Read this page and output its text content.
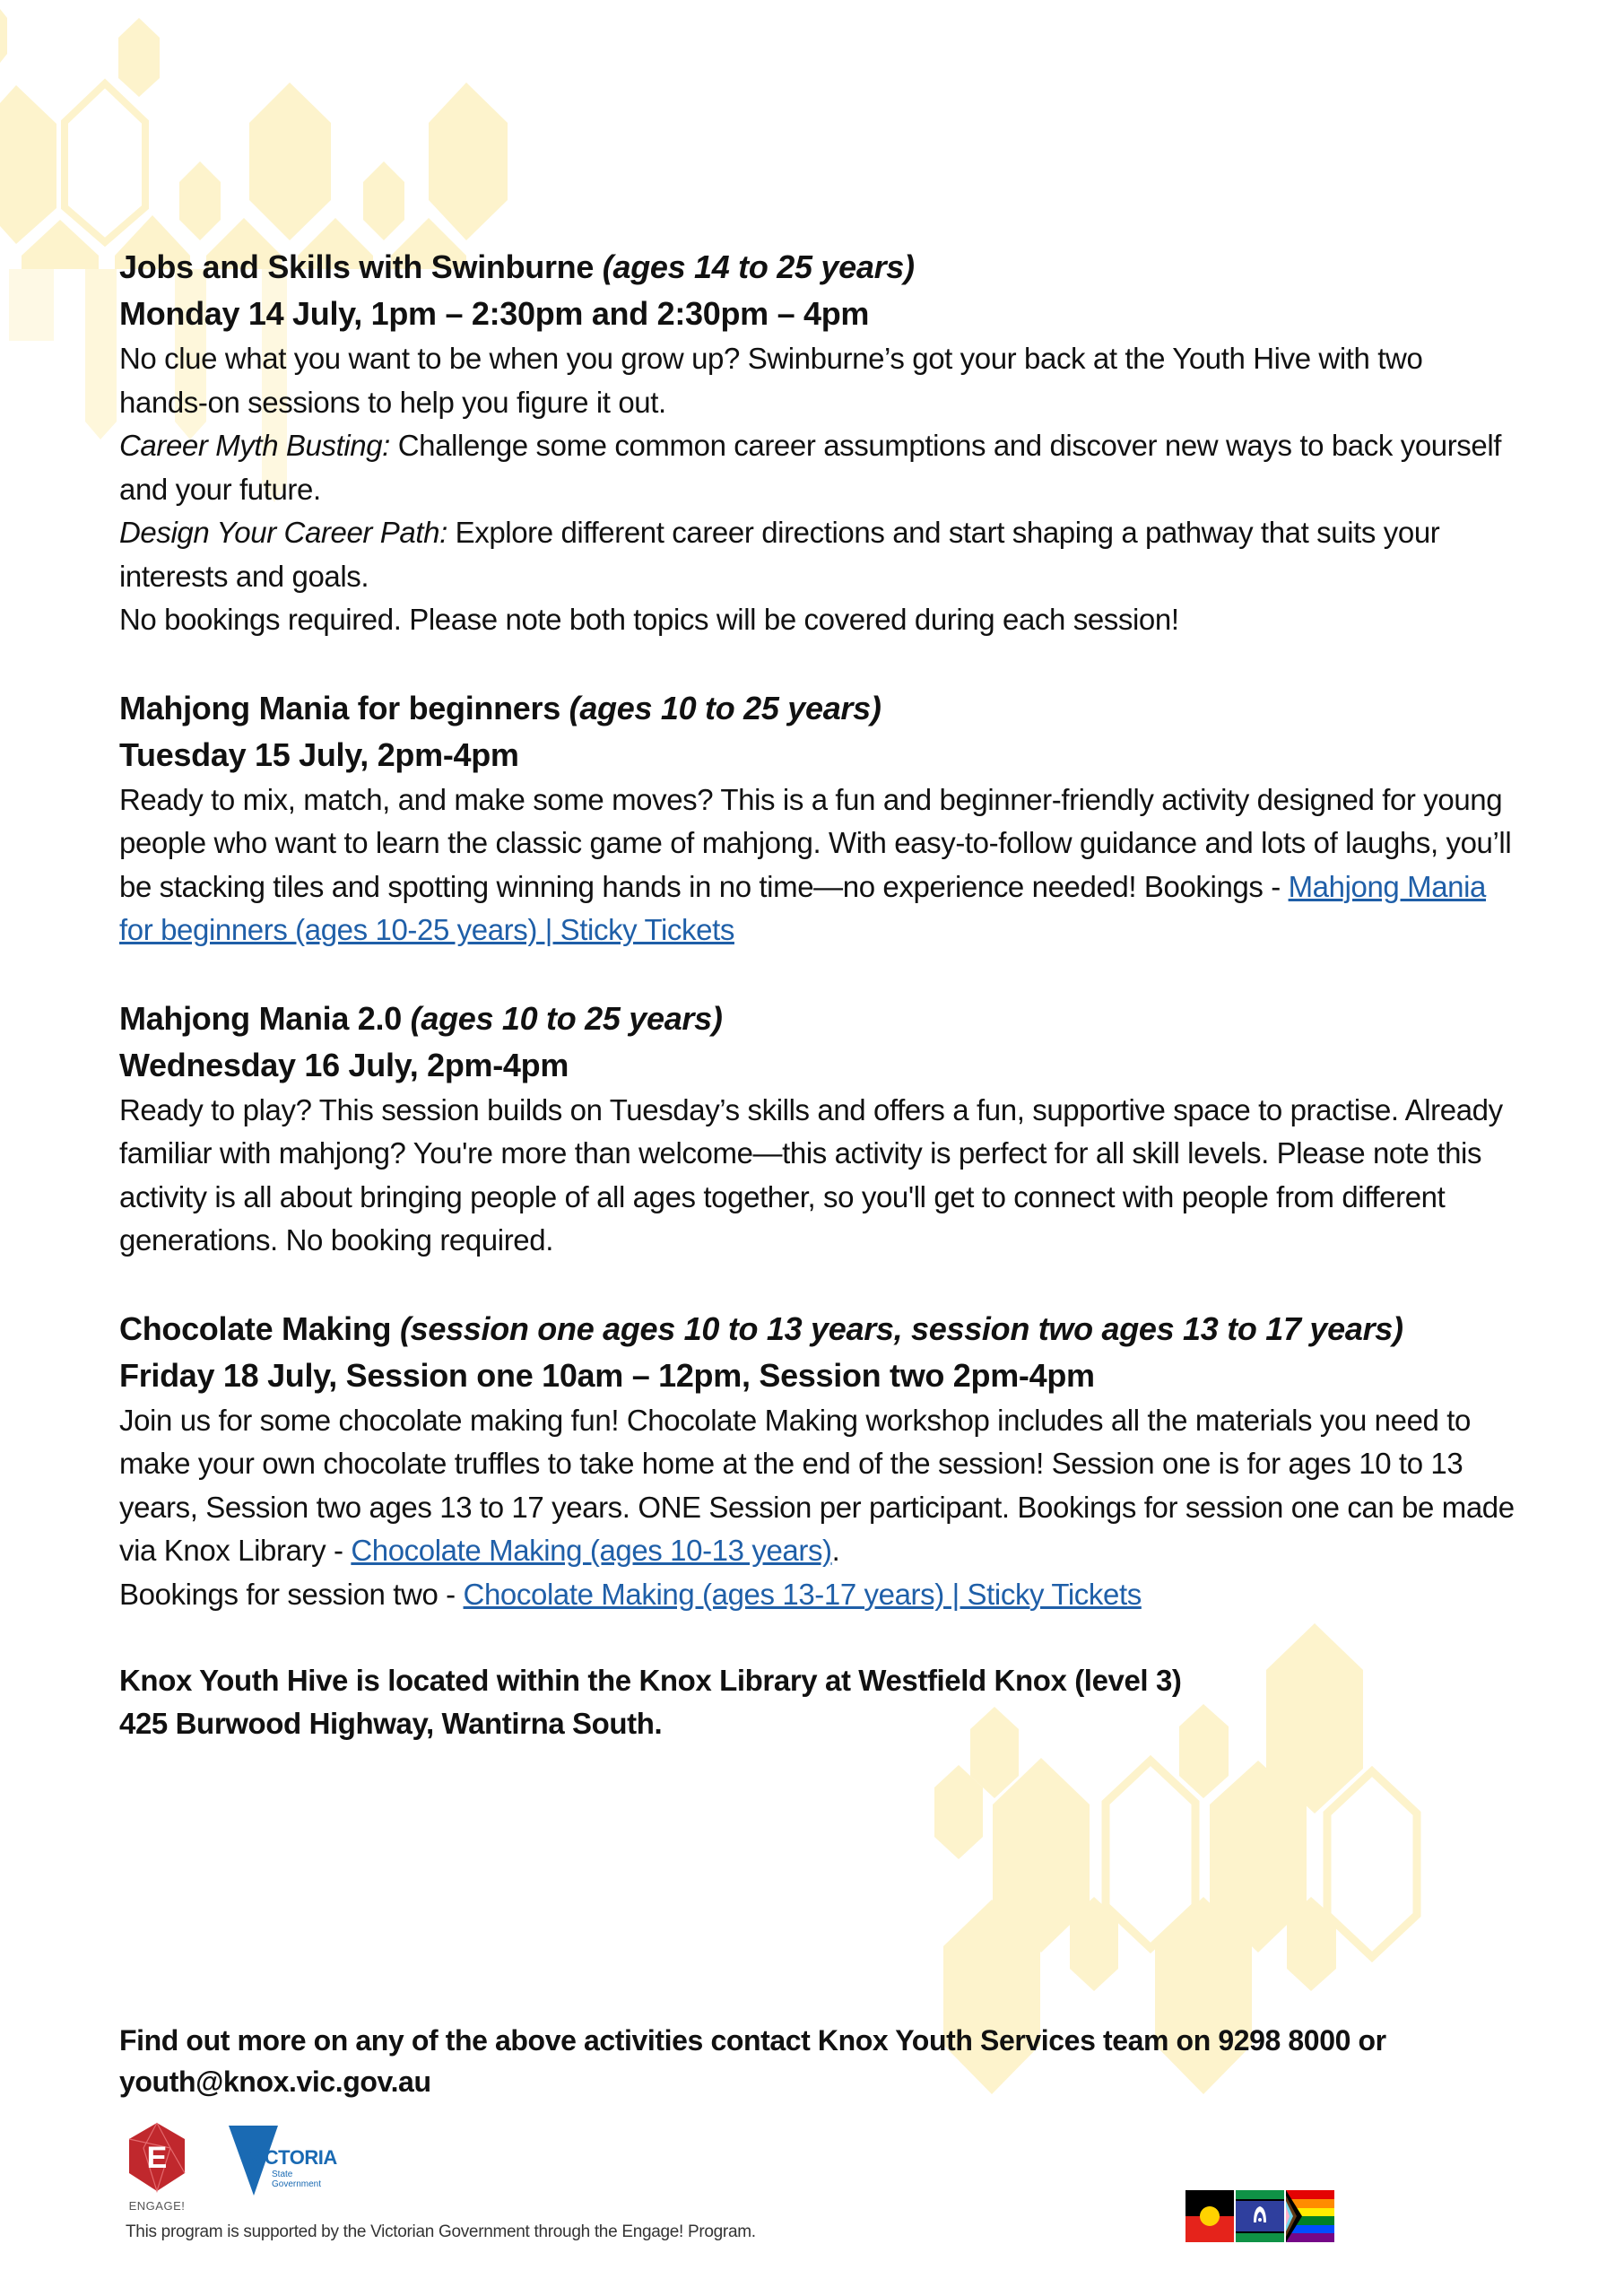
Jobs and Skills with Swinburne (ages 14 to 25 years)

Monday 14 July, 1pm – 2:30pm and 2:30pm – 4pm

No clue what you want to be when you grow up? Swinburne’s got your back at the Youth Hive with two hands-on sessions to help you figure it out.

Career Myth Busting: Challenge some common career assumptions and discover new ways to back yourself and your future.

Design Your Career Path: Explore different career directions and start shaping a pathway that suits your interests and goals.

No bookings required. Please note both topics will be covered during each session!

Mahjong Mania for beginners (ages 10 to 25 years)

Tuesday 15 July, 2pm-4pm

Ready to mix, match, and make some moves? This is a fun and beginner-friendly activity designed for young people who want to learn the classic game of mahjong. With easy-to-follow guidance and lots of laughs, you’ll be stacking tiles and spotting winning hands in no time—no experience needed! Bookings - Mahjong Mania for beginners (ages 10-25 years) | Sticky Tickets

Mahjong Mania 2.0 (ages 10 to 25 years)

Wednesday 16 July, 2pm-4pm

Ready to play? This session builds on Tuesday’s skills and offers a fun, supportive space to practise. Already familiar with mahjong? You're more than welcome—this activity is perfect for all skill levels. Please note this activity is all about bringing people of all ages together, so you'll get to connect with people from different generations. No booking required.

Chocolate Making (session one ages 10 to 13 years, session two ages 13 to 17 years)

Friday 18 July, Session one 10am – 12pm, Session two 2pm-4pm

Join us for some chocolate making fun! Chocolate Making workshop includes all the materials you need to make your own chocolate truffles to take home at the end of the session! Session one is for ages 10 to 13 years, Session two ages 13 to 17 years. ONE Session per participant. Bookings for session one can be made via Knox Library - Chocolate Making (ages 10-13 years).

Bookings for session two - Chocolate Making (ages 13-17 years) | Sticky Tickets

Knox Youth Hive is located within the Knox Library at Westfield Knox (level 3)

425 Burwood Highway, Wantirna South.

Find out more on any of the above activities contact Knox Youth Services team on 9298 8000 or
youth@knox.vic.gov.au
E
ENGAGE!
VICTORIA
State
Government
This program is supported by the Victorian Government through the Engage! Program.
